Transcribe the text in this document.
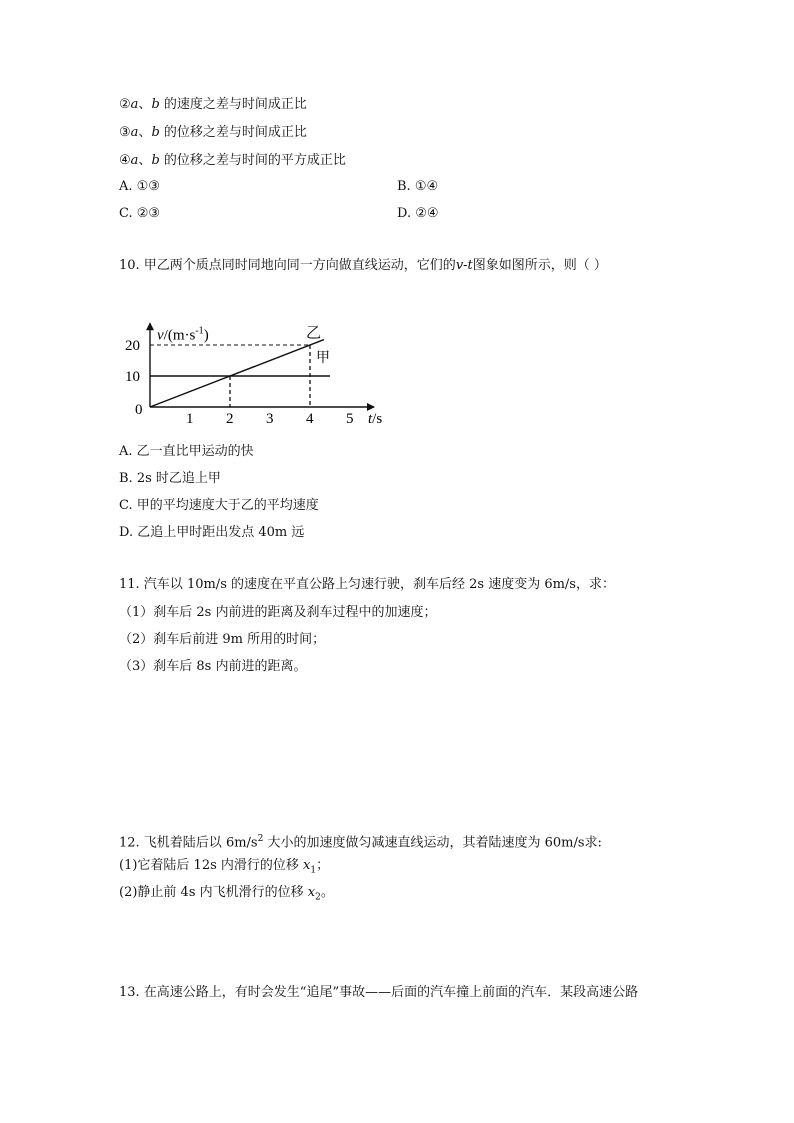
②a、b 的速度之差与时间成正比
③a、b 的位移之差与时间成正比
④a、b 的位移之差与时间的平方成正比
A. ①③	B. ①④
C. ②③	D. ②④
10. 甲乙两个质点同时同地向同一方向做直线运动，它们的v-t图象如图所示，则（ ）
1 2 3 4 5
10
20
0
$v/(m\cdot s^{-1})$
t/s
乙
甲
A. 乙一直比甲运动的快
B. 2s 时乙追上甲
C. 甲的平均速度大于乙的平均速度
D. 乙追上甲时距出发点 40m 远
11. 汽车以 10m/s 的速度在平直公路上匀速行驶，刹车后经 2s 速度变为 6m/s，求：
（1）刹车后 2s 内前进的距离及刹车过程中的加速度；
（2）刹车后前进 9m 所用的时间；
（3）刹车后 8s 内前进的距离。
12. 飞机着陆后以 $6m/s^2$ 大小的加速度做匀减速直线运动，其着陆速度为 60m/s求:
(1)它着陆后 12s 内滑行的位移 $x_1$；
(2)静止前 4s 内飞机滑行的位移 $x_2$。
13. 在高速公路上，有时会发生“追尾”事故——后面的汽车撞上前面的汽车．某段高速公路
